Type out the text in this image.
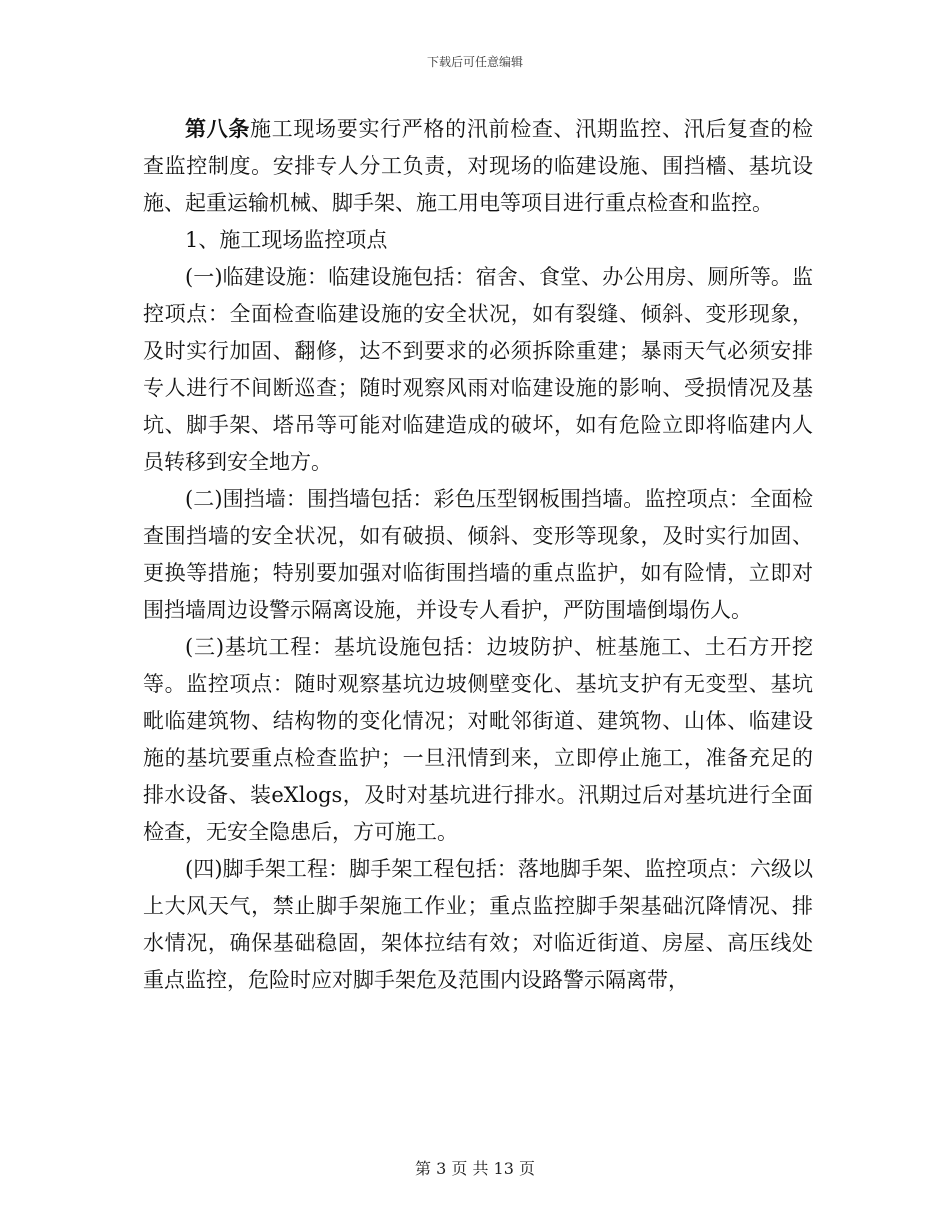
下载后可任意编辑

第八条施工现场要实行严格的汛前检查、汛期监控、汛后复查的检查监控制度。安排专人分工负责，对现场的临建设施、围挡檣、基坑设施、起重运输机械、脚手架、施工用电等项目进行重点检查和监控。

1、施工现场监控项点

(一)临建设施：临建设施包括：宿舍、食堂、办公用房、厕所等。监控项点：全面检查临建设施的安全状况，如有裂缝、倾斜、变形现象，及时实行加固、翻修，达不到要求的必须拆除重建；暴雨天气必须安排专人进行不间断巡查；随时观察风雨对临建设施的影响、受损情况及基坑、脚手架、塔吊等可能对临建造成的破坏，如有危险立即将临建内人员转移到安全地方。

(二)围挡墙：围挡墙包括：彩色压型钢板围挡墙。监控项点：全面检查围挡墙的安全状况，如有破损、倾斜、变形等现象，及时实行加固、更换等措施；特别要加强对临街围挡墙的重点监护，如有险情，立即对围挡墙周边设警示隔离设施，并设专人看护，严防围墙倒塌伤人。

(三)基坑工程：基坑设施包括：边坡防护、桩基施工、土石方开挖等。监控项点：随时观察基坑边坡侧壁变化、基坑支护有无变型、基坑毗临建筑物、结构物的变化情况；对毗邻街道、建筑物、山体、临建设施的基坑要重点检查监护；一旦汛情到来，立即停止施工，准备充足的排水设备、装eXlogs，及时对基坑进行排水。汛期过后对基坑进行全面检查，无安全隐患后，方可施工。

(四)脚手架工程：脚手架工程包括：落地脚手架、监控项点：六级以上大风天气，禁止脚手架施工作业；重点监控脚手架基础沉降情况、排水情况，确保基础稳固，架体拉结有效；对临近街道、房屋、高压线处重点监控，危险时应对脚手架危及范围内设路警示隔离带，

第 3 页 共 13 页
